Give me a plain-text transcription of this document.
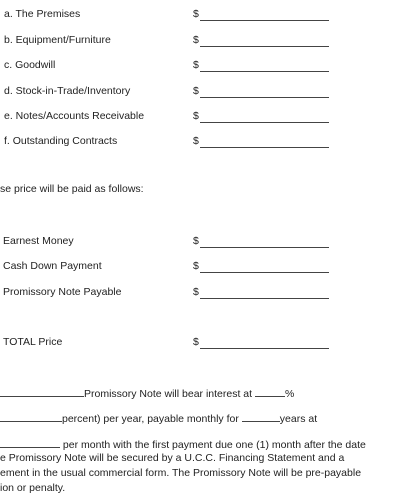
a. The Premises	$
b. Equipment/Furniture	$
c. Goodwill	$
d. Stock-in-Trade/Inventory	$
e. Notes/Accounts Receivable	$
f. Outstanding Contracts	$
se price will be paid as follows:
Earnest Money	$
Cash Down Payment	$
Promissory Note Payable	$
TOTAL Price	$
Promissory Note will bear interest at	%
percent) per year, payable monthly for	years at
per month with the first payment due one (1) month after the date
e Promissory Note will be secured by a U.C.C. Financing Statement and a
ement in the usual commercial form. The Promissory Note will be pre-payable
ion or penalty.
